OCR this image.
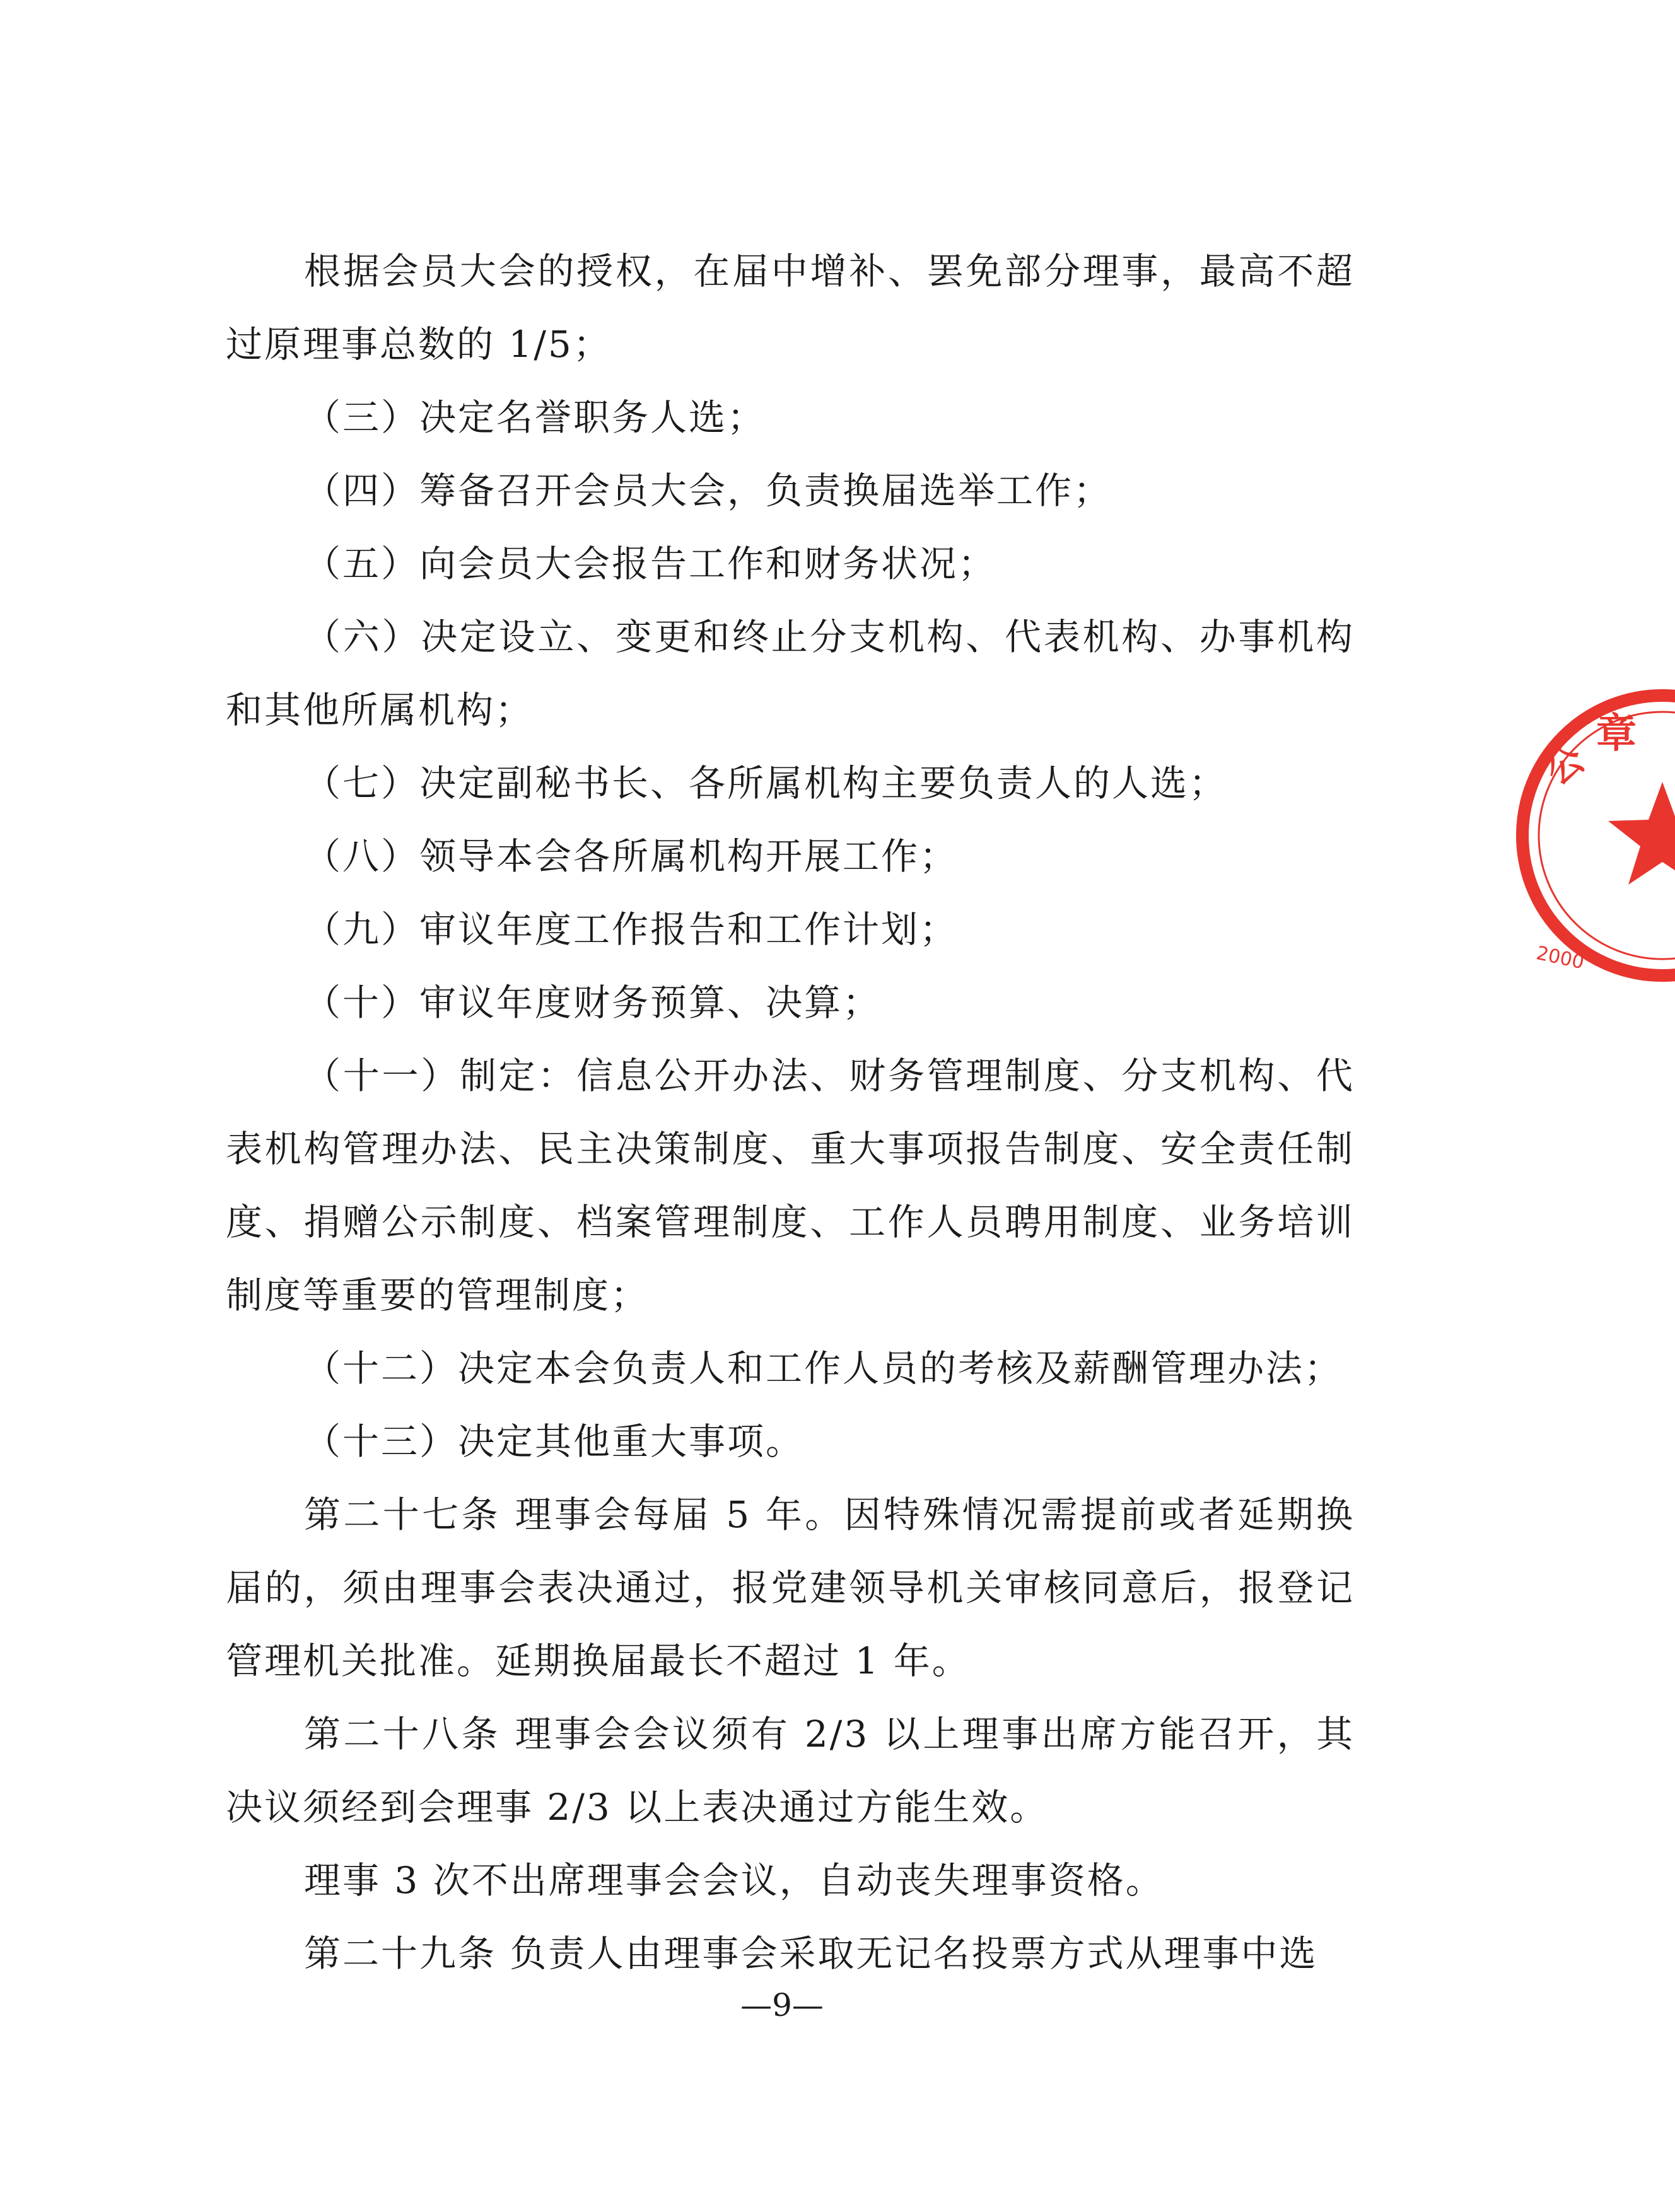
根据会员大会的授权，在届中增补、罢免部分理事，最高不超过原理事总数的 1/5；

（三）决定名誉职务人选；

（四）筹备召开会员大会，负责换届选举工作；

（五）向会员大会报告工作和财务状况；

（六）决定设立、变更和终止分支机构、代表机构、办事机构和其他所属机构；

（七）决定副秘书长、各所属机构主要负责人的人选；

（八）领导本会各所属机构开展工作；

（九）审议年度工作报告和工作计划；

（十）审议年度财务预算、决算；

（十一）制定：信息公开办法、财务管理制度、分支机构、代表机构管理办法、民主决策制度、重大事项报告制度、安全责任制度、捐赠公示制度、档案管理制度、工作人员聘用制度、业务培训制度等重要的管理制度；

（十二）决定本会负责人和工作人员的考核及薪酬管理办法；

（十三）决定其他重大事项。

第二十七条 理事会每届 5 年。因特殊情况需提前或者延期换届的，须由理事会表决通过，报党建领导机关审核同意后，报登记管理机关批准。延期换届最长不超过 1 年。

第二十八条 理事会会议须有 2/3 以上理事出席方能召开，其决议须经到会理事 2/3 以上表决通过方能生效。

理事 3 次不出席理事会会议，自动丧失理事资格。

第二十九条 负责人由理事会采取无记名投票方式从理事中选

—9—
章
公
2000
